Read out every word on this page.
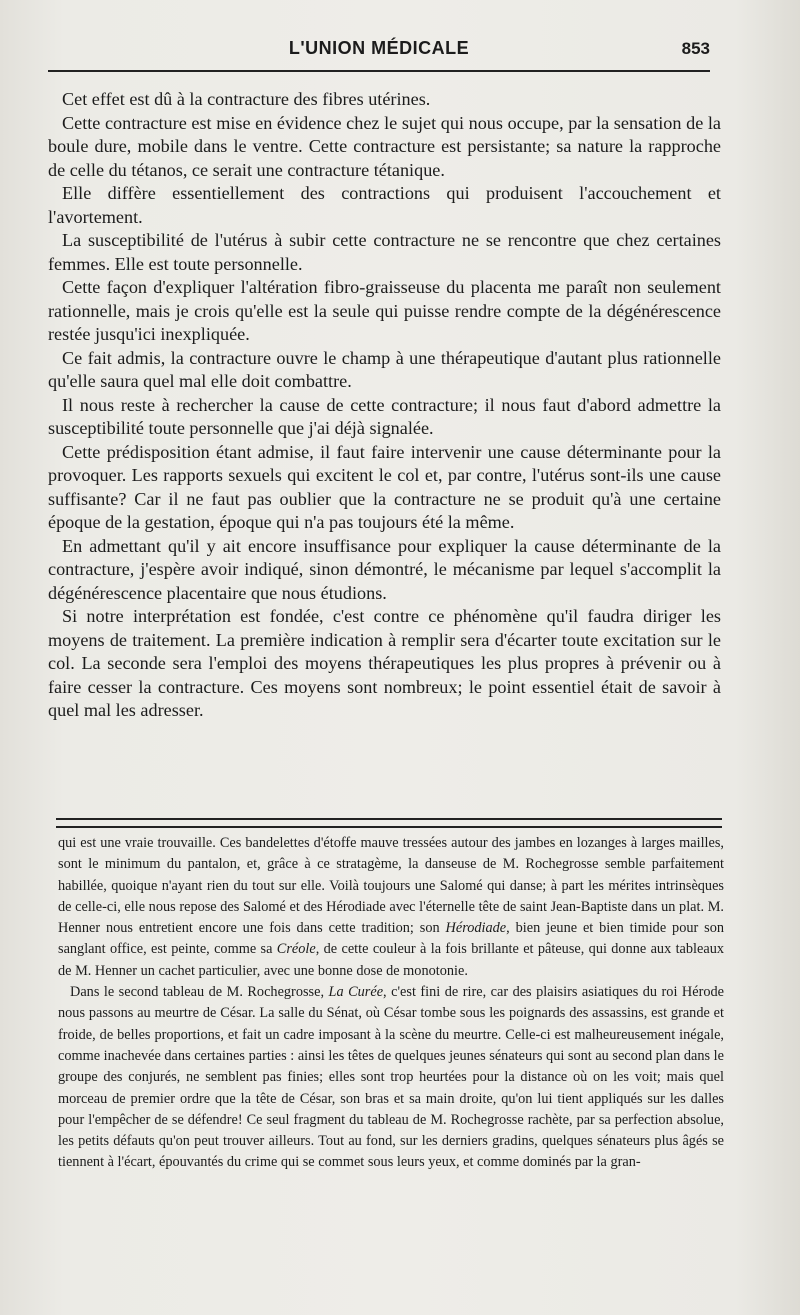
L'UNION MÉDICALE	853

Cet effet est dû à la contracture des fibres utérines.

Cette contracture est mise en évidence chez le sujet qui nous occupe, par la sensation de la boule dure, mobile dans le ventre. Cette contracture est persistante; sa nature la rapproche de celle du tétanos, ce serait une contracture tétanique.

Elle diffère essentiellement des contractions qui produisent l'accouchement et l'avortement.

La susceptibilité de l'utérus à subir cette contracture ne se rencontre que chez certaines femmes. Elle est toute personnelle.

Cette façon d'expliquer l'altération fibro-graisseuse du placenta me paraît non seulement rationnelle, mais je crois qu'elle est la seule qui puisse rendre compte de la dégénérescence restée jusqu'ici inexpliquée.

Ce fait admis, la contracture ouvre le champ à une thérapeutique d'autant plus rationnelle qu'elle saura quel mal elle doit combattre.

Il nous reste à rechercher la cause de cette contracture; il nous faut d'abord admettre la susceptibilité toute personnelle que j'ai déjà signalée.

Cette prédisposition étant admise, il faut faire intervenir une cause déterminante pour la provoquer. Les rapports sexuels qui excitent le col et, par contre, l'utérus sont-ils une cause suffisante? Car il ne faut pas oublier que la contracture ne se produit qu'à une certaine époque de la gestation, époque qui n'a pas toujours été la même.

En admettant qu'il y ait encore insuffisance pour expliquer la cause déterminante de la contracture, j'espère avoir indiqué, sinon démontré, le mécanisme par lequel s'accomplit la dégénérescence placentaire que nous étudions.

Si notre interprétation est fondée, c'est contre ce phénomène qu'il faudra diriger les moyens de traitement. La première indication à remplir sera d'écarter toute excitation sur le col. La seconde sera l'emploi des moyens thérapeutiques les plus propres à prévenir ou à faire cesser la contracture. Ces moyens sont nombreux; le point essentiel était de savoir à quel mal les adresser.

qui est une vraie trouvaille. Ces bandelettes d'étoffe mauve tressées autour des jambes en lozanges à larges mailles, sont le minimum du pantalon, et, grâce à ce stratagème, la danseuse de M. Rochegrosse semble parfaitement habillée, quoique n'ayant rien du tout sur elle. Voilà toujours une Salomé qui danse; à part les mérites intrinsèques de celle-ci, elle nous repose des Salomé et des Hérodiade avec l'éternelle tête de saint Jean-Baptiste dans un plat. M. Henner nous entretient encore une fois dans cette tradition; son Hérodiade, bien jeune et bien timide pour son sanglant office, est peinte, comme sa Créole, de cette couleur à la fois brillante et pâteuse, qui donne aux tableaux de M. Henner un cachet particulier, avec une bonne dose de monotonie.

Dans le second tableau de M. Rochegrosse, La Curée, c'est fini de rire, car des plaisirs asiatiques du roi Hérode nous passons au meurtre de César. La salle du Sénat, où César tombe sous les poignards des assassins, est grande et froide, de belles proportions, et fait un cadre imposant à la scène du meurtre. Celle-ci est malheureusement inégale, comme inachevée dans certaines parties : ainsi les têtes de quelques jeunes sénateurs qui sont au second plan dans le groupe des conjurés, ne semblent pas finies; elles sont trop heurtées pour la distance où on les voit; mais quel morceau de premier ordre que la tête de César, son bras et sa main droite, qu'on lui tient appliqués sur les dalles pour l'empêcher de se défendre! Ce seul fragment du tableau de M. Rochegrosse rachète, par sa perfection absolue, les petits défauts qu'on peut trouver ailleurs. Tout au fond, sur les derniers gradins, quelques sénateurs plus âgés se tiennent à l'écart, épouvantés du crime qui se commet sous leurs yeux, et comme dominés par la gran-
